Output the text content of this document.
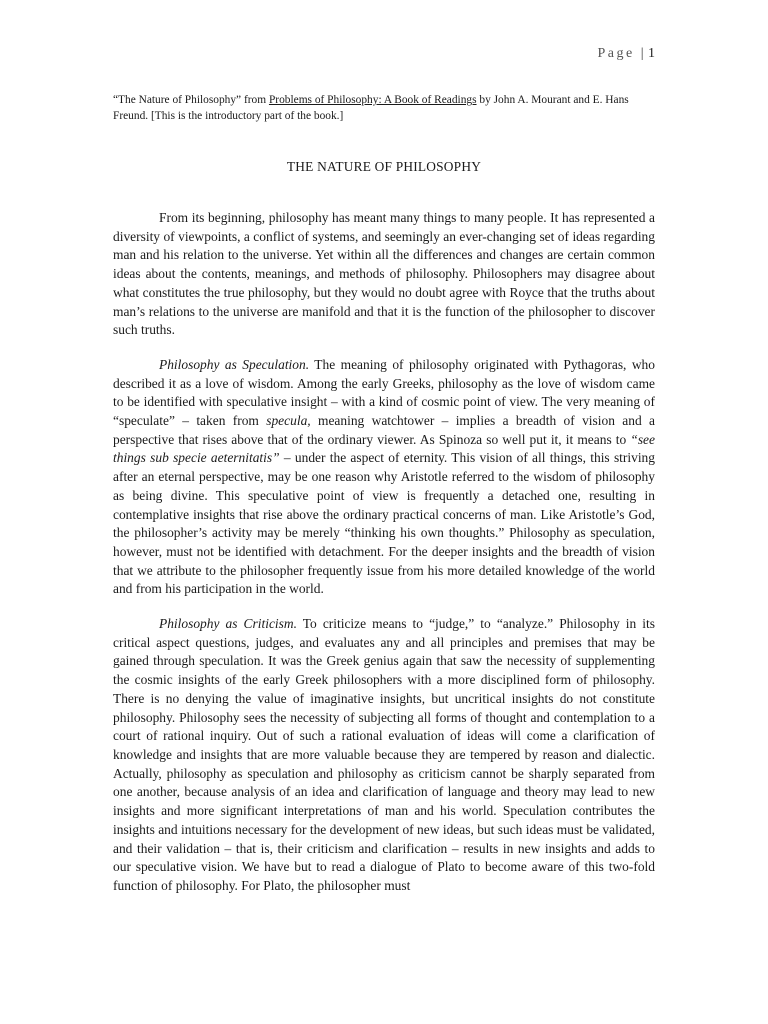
Page | 1
“The Nature of Philosophy” from Problems of Philosophy: A Book of Readings by John A. Mourant and E. Hans Freund. [This is the introductory part of the book.]
THE NATURE OF PHILOSOPHY

From its beginning, philosophy has meant many things to many people. It has represented a diversity of viewpoints, a conflict of systems, and seemingly an ever-changing set of ideas regarding man and his relation to the universe. Yet within all the differences and changes are certain common ideas about the contents, meanings, and methods of philosophy. Philosophers may disagree about what constitutes the true philosophy, but they would no doubt agree with Royce that the truths about man’s relations to the universe are manifold and that it is the function of the philosopher to discover such truths.

Philosophy as Speculation. The meaning of philosophy originated with Pythagoras, who described it as a love of wisdom. Among the early Greeks, philosophy as the love of wisdom came to be identified with speculative insight – with a kind of cosmic point of view. The very meaning of “speculate” – taken from specula, meaning watchtower – implies a breadth of vision and a perspective that rises above that of the ordinary viewer. As Spinoza so well put it, it means to “see things sub specie aeternitatis” – under the aspect of eternity. This vision of all things, this striving after an eternal perspective, may be one reason why Aristotle referred to the wisdom of philosophy as being divine. This speculative point of view is frequently a detached one, resulting in contemplative insights that rise above the ordinary practical concerns of man. Like Aristotle’s God, the philosopher’s activity may be merely “thinking his own thoughts.” Philosophy as speculation, however, must not be identified with detachment. For the deeper insights and the breadth of vision that we attribute to the philosopher frequently issue from his more detailed knowledge of the world and from his participation in the world.

Philosophy as Criticism. To criticize means to “judge,” to “analyze.” Philosophy in its critical aspect questions, judges, and evaluates any and all principles and premises that may be gained through speculation. It was the Greek genius again that saw the necessity of supplementing the cosmic insights of the early Greek philosophers with a more disciplined form of philosophy. There is no denying the value of imaginative insights, but uncritical insights do not constitute philosophy. Philosophy sees the necessity of subjecting all forms of thought and contemplation to a court of rational inquiry. Out of such a rational evaluation of ideas will come a clarification of knowledge and insights that are more valuable because they are tempered by reason and dialectic. Actually, philosophy as speculation and philosophy as criticism cannot be sharply separated from one another, because analysis of an idea and clarification of language and theory may lead to new insights and more significant interpretations of man and his world. Speculation contributes the insights and intuitions necessary for the development of new ideas, but such ideas must be validated, and their validation – that is, their criticism and clarification – results in new insights and adds to our speculative vision. We have but to read a dialogue of Plato to become aware of this two-fold function of philosophy. For Plato, the philosopher must
